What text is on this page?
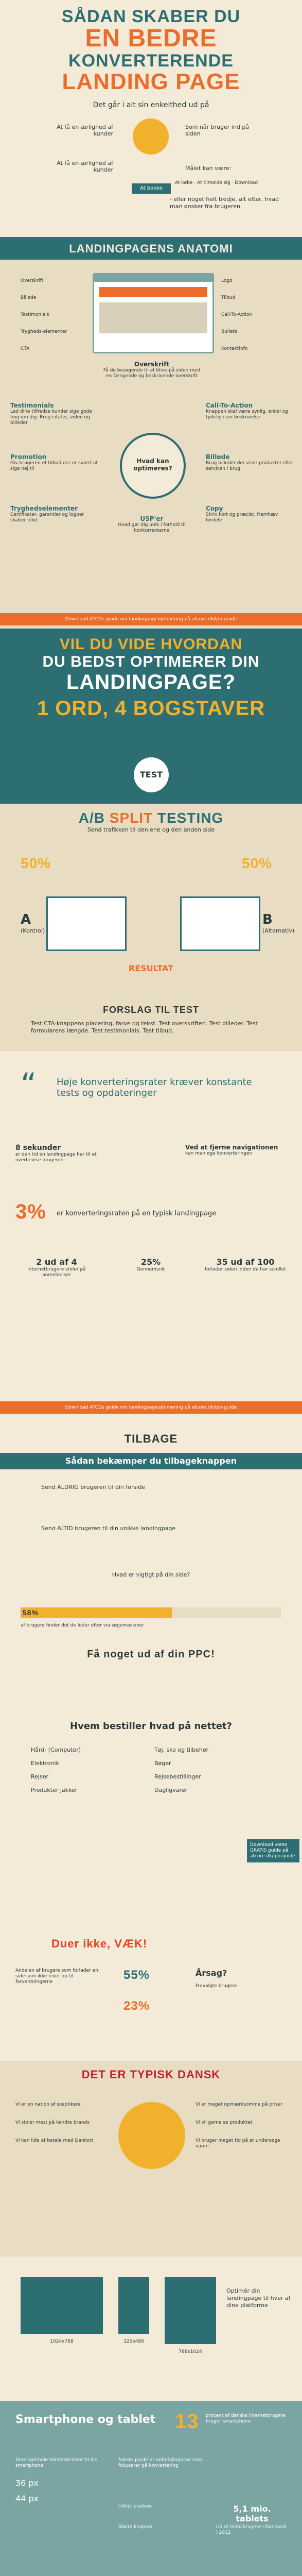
SÅDAN SKABER DU
EN BEDRE
KONVERTERENDE
LANDING PAGE
Det går i alt sin enkelthed ud på
At få en ærlighed af kunder
Som når bruger ind på siden
At få en ærlighed af kunder	Målet kan være:
At booke
At købe · At tilmelde sig · Download
- eller noget helt tredje, alt efter, hvad man ønsker fra brugeren
LANDINGPAGENS ANATOMI
Overskrift
Billede
Testimonials
Trygheds-elementer
CTA
Logo
Tilbud
Call-To-Action
Bullets
Kontaktinfo
Overskrift
Få de besøgende til at blive på siden med en fængende og beskrivende overskrift
Testimonials
Lad dine tilfredse kunder sige gode ting om dig. Brug citater, video og billeder
Call-To-Action
Knappen skal være synlig, enkel og tydelig i sin beskrivelse
Hvad kan optimeres?
Promotion
Giv brugeren et tilbud der er svært at sige nej til
Billede
Brug billeder der viser produktet eller servicen i brug
Tryghedselementer
Certifikater, garantier og logoer skaber tillid	USP'er
Hvad gør dig unik i forhold til konkurrenterne
Copy
Skriv kort og præcist, fremhæv fordele
Download ATCOs guide om landingpageoptimering på atcore.dk/lpo-guide
VIL DU VIDE HVORDAN
DU BEDST OPTIMERER DIN
LANDINGPAGE?
1 ORD, 4 BOGSTAVER
TEST
A/B SPLIT TESTING
Send trafikken til den ene og den anden side
50%	50%
A
(Kontrol)
B
(Alternativ)
RESULTAT
FORSLAG TIL TEST
Test CTA-knappens placering, farve og tekst. Test overskriften. Test billeder. Test formularens længde. Test testimonials. Test tilbud.
“ Høje konverteringsrater kræver konstante tests og opdateringer
8 sekunder
er den tid en landingpage har til at overbevise brugeren
Ved at fjerne navigationen
kan man øge konverteringen
3% er konverteringsraten på en typisk landingpage
2 ud af 4
internetbrugere stoler på anmeldelser
25%
Gennemsnit
35 ud af 100
forlader siden inden de har scrollet
Download ATCOs guide om landingpageoptimering på atcore.dk/lpo-guide
TILBAGE
Sådan bekæmper du tilbageknappen
Send ALDRIG brugeren til din forside
Send ALTID brugeren til din unikke landingpage
Hvad er vigtigt på din side?
58%
af brugere finder det de leder efter via søgemaskiner
Få noget ud af din PPC!
Hvem bestiller hvad på nettet?
Hård- (Computer)
Elektronik
Rejser
Produkter jakker
Tøj, sko og tilbehør
Bøger
Rejsebestillinger
Dagligvarer
Download vores GRATIS guide på atcore.dk/lpo-guide
Duer ikke, VÆK!
Årsag?
55%
23%
Andelen af brugere som forlader en side som ikke lever op til forventningerne
Fravalgte brugere
DET ER TYPISK DANSK
Vi er en nation af skeptikere
Vi stoler mest på kendte brands
Vi kan lide at betale med Dankort
Vi er meget opmærksomme på priser
Vi vil gerne se produktet
Vi bruger meget tid på at undersøge varen
1024x768	320x480
768x1024
Optimér din landingpage til hver af dine platforme
Smartphone og tablet 13 procent af danske internetbrugere bruger smartphone
Dine optimale tekststørrelser til din smartphone
36 px
44 px
Næste punkt er anbefalingerne som fokuserer på konvertering
Udnyt pladsen
Større knapper
5,1 mio. tablets
Ud af mobilbrugere i Danmark i 2012
